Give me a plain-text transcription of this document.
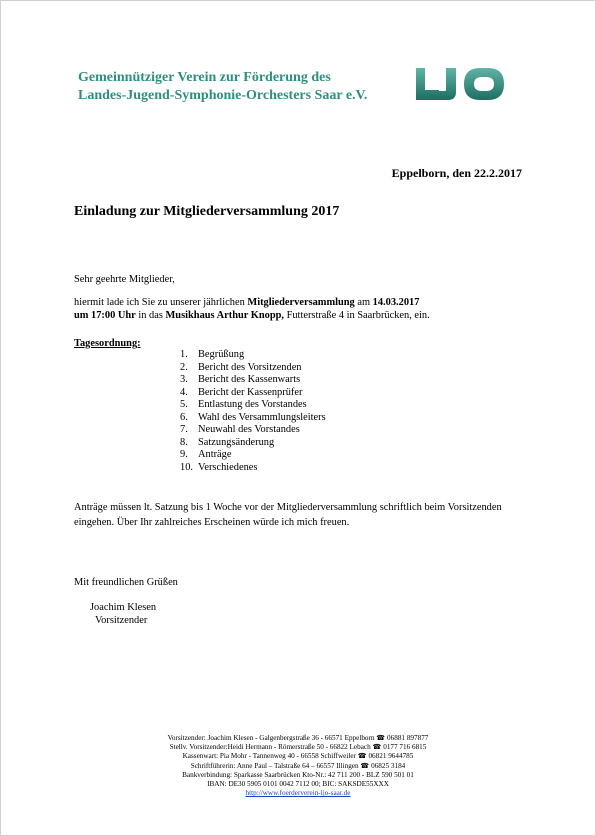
Gemeinnütziger Verein zur Förderung des
Landes-Jugend-Symphonie-Orchesters Saar e.V.
Eppelborn, den 22.2.2017
Einladung zur Mitgliederversammlung 2017
Sehr geehrte Mitglieder,
hiermit lade ich Sie zu unserer jährlichen Mitgliederversammlung am 14.03.2017
um 17:00 Uhr in das Musikhaus Arthur Knopp, Futterstraße 4 in Saarbrücken, ein.
Tagesordnung:
1. Begrüßung
2. Bericht des Vorsitzenden
3. Bericht des Kassenwarts
4. Bericht der Kassenprüfer
5. Entlastung des Vorstandes
6. Wahl des Versammlungsleiters
7. Neuwahl des Vorstandes
8. Satzungsänderung
9. Anträge
10. Verschiedenes
Anträge müssen lt. Satzung bis 1 Woche vor der Mitgliederversammlung schriftlich beim Vorsitzenden eingehen. Über Ihr zahlreiches Erscheinen würde ich mich freuen.
Mit freundlichen Grüßen
Joachim Klesen
Vorsitzender
Vorsitzender: Joachim Klesen - Galgenbergstraße 36 - 66571 Eppelborn ☎ 06881 897877
Stellv. Vorsitzender:Heidi Hermann - Römerstraße 50 - 66822 Lebach ☎ 0177 716 6815
Kassenwart: Pia Mohr - Tannenweg 40 - 66558 Schiffweiler ☎ 06821 9644785
Schriftführerin: Anne Paul – Talstraße 64 – 66557 Illingen ☎ 06825 3184
Bankverbindung: Sparkasse Saarbrücken Kto-Nr.: 42 711 200 - BLZ 590 501 01
IBAN: DE30 5905 0101 0042 7112 00; BIC: SAKSDE55XXX
http://www.foerderverein-ljo-saar.de
